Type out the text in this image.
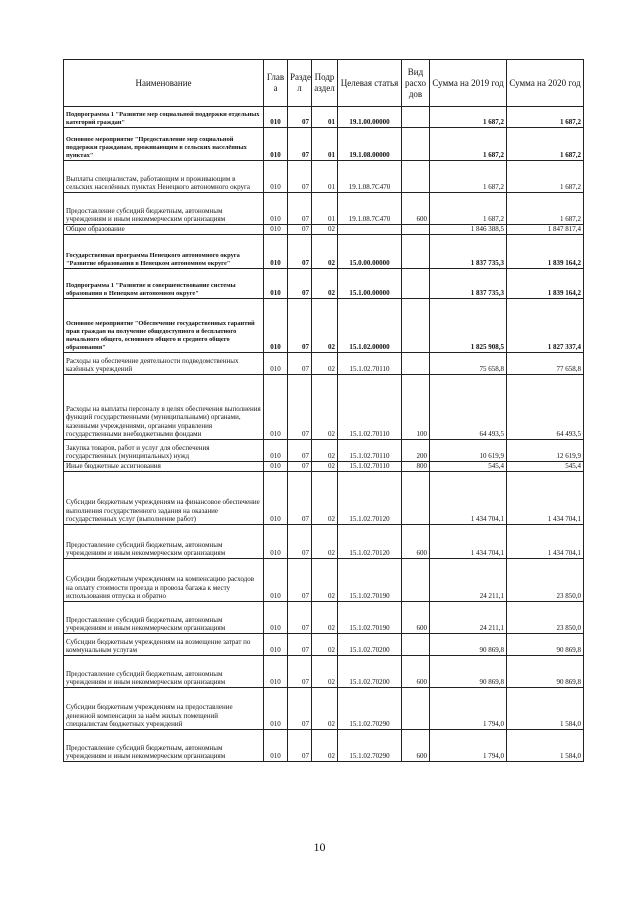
Наименование	Глав а	Разде л	Подр аздел	Целевая статья	Вид расхо дов	Сумма на 2019 год	Сумма на 2020 год
Подпрограмма 1 "Развитие мер социальной поддержки отдельных категорий граждан"	010	07	01	19.1.00.00000		1 687,2	1 687,2
Основное мероприятие "Предоставление мер социальной поддержки гражданам, проживающим в сельских населённых пунктах"	010	07	01	19.1.08.00000		1 687,2	1 687,2
Выплаты специалистам, работающим и проживающим в сельских населённых пунктах Ненецкого автономного округа	010	07	01	19.1.08.7С470		1 687,2	1 687,2
Предоставление субсидий бюджетным, автономным учреждениям и иным некоммерческим организациям	010	07	01	19.1.08.7С470	600	1 687,2	1 687,2
Общее образование	010	07	02			1 846 388,5	1 847 817,4
Государственная программа Ненецкого автономного округа "Развитие образования в Ненецком автономном округе"	010	07	02	15.0.00.00000		1 837 735,3	1 839 164,2
Подпрограмма 1 "Развитие и совершенствование системы образования в Ненецком автономном округе"	010	07	02	15.1.00.00000		1 837 735,3	1 839 164,2
Основное мероприятие "Обеспечение государственных гарантий прав граждан на получение общедоступного и бесплатного начального общего, основного общего и среднего общего образования"	010	07	02	15.1.02.00000		1 825 908,5	1 827 337,4
Расходы на обеспечение деятельности подведомственных казённых учреждений	010	07	02	15.1.02.70110		75 658,8	77 658,8
Расходы на выплаты персоналу в целях обеспечения выполнения функций государственными (муниципальными) органами, казенными учреждениями, органами управления государственными внебюджетными фондами	010	07	02	15.1.02.70110	100	64 493,5	64 493,5
Закупка товаров, работ и услуг для обеспечения государственных (муниципальных) нужд	010	07	02	15.1.02.70110	200	10 619,9	12 619,9
Иные бюджетные ассигнования	010	07	02	15.1.02.70110	800	545,4	545,4
Субсидии бюджетным учреждениям на финансовое обеспечение выполнения государственного задания на оказание государственных услуг (выполнение работ)	010	07	02	15.1.02.70120		1 434 704,1	1 434 704,1
Предоставление субсидий бюджетным, автономным учреждениям и иным некоммерческим организациям	010	07	02	15.1.02.70120	600	1 434 704,1	1 434 704,1
Субсидии бюджетным учреждениям на компенсацию расходов на оплату стоимости проезда и провоза багажа к месту использования отпуска и обратно	010	07	02	15.1.02.70190		24 211,1	23 850,0
Предоставление субсидий бюджетным, автономным учреждениям и иным некоммерческим организациям	010	07	02	15.1.02.70190	600	24 211,1	23 850,0
Субсидии бюджетным учреждениям на возмещение затрат по коммунальным услугам	010	07	02	15.1.02.70200		90 869,8	90 869,8
Предоставление субсидий бюджетным, автономным учреждениям и иным некоммерческим организациям	010	07	02	15.1.02.70200	600	90 869,8	90 869,8
Субсидии бюджетным учреждениям на предоставление денежной компенсации за наём жилых помещений специалистам бюджетных учреждений	010	07	02	15.1.02.70290		1 794,0	1 584,0
Предоставление субсидий бюджетным, автономным учреждениям и иным некоммерческим организациям	010	07	02	15.1.02.70290	600	1 794,0	1 584,0
10
